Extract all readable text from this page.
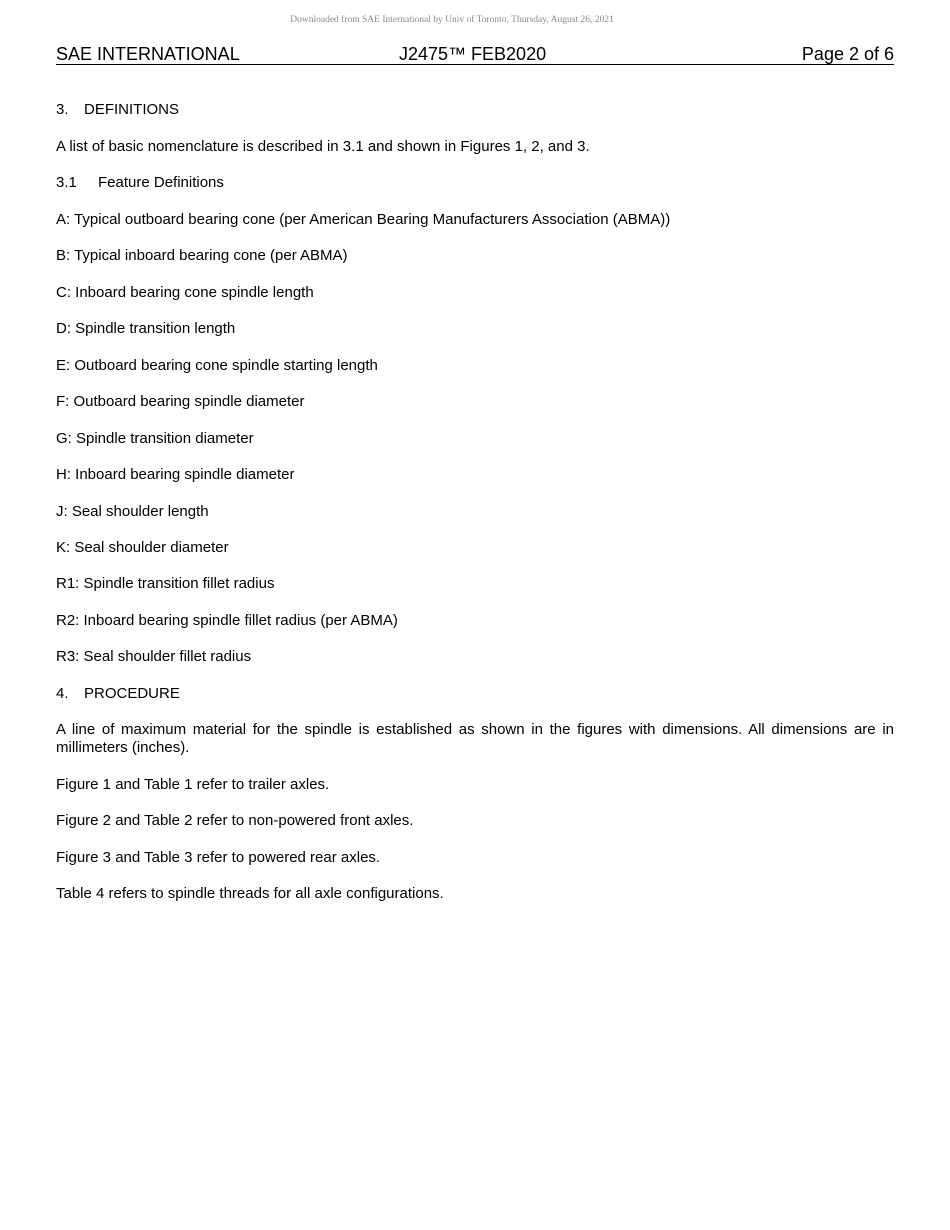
Downloaded from SAE International by Univ of Toronto, Thursday, August 26, 2021
SAE INTERNATIONAL	J2475™ FEB2020	Page 2 of 6
3. DEFINITIONS
A list of basic nomenclature is described in 3.1 and shown in Figures 1, 2, and 3.
3.1 Feature Definitions
A: Typical outboard bearing cone (per American Bearing Manufacturers Association (ABMA))
B: Typical inboard bearing cone (per ABMA)
C: Inboard bearing cone spindle length
D: Spindle transition length
E: Outboard bearing cone spindle starting length
F: Outboard bearing spindle diameter
G: Spindle transition diameter
H: Inboard bearing spindle diameter
J: Seal shoulder length
K: Seal shoulder diameter
R1: Spindle transition fillet radius
R2: Inboard bearing spindle fillet radius (per ABMA)
R3: Seal shoulder fillet radius
4. PROCEDURE
A line of maximum material for the spindle is established as shown in the figures with dimensions. All dimensions are in millimeters (inches).
Figure 1 and Table 1 refer to trailer axles.
Figure 2 and Table 2 refer to non-powered front axles.
Figure 3 and Table 3 refer to powered rear axles.
Table 4 refers to spindle threads for all axle configurations.
